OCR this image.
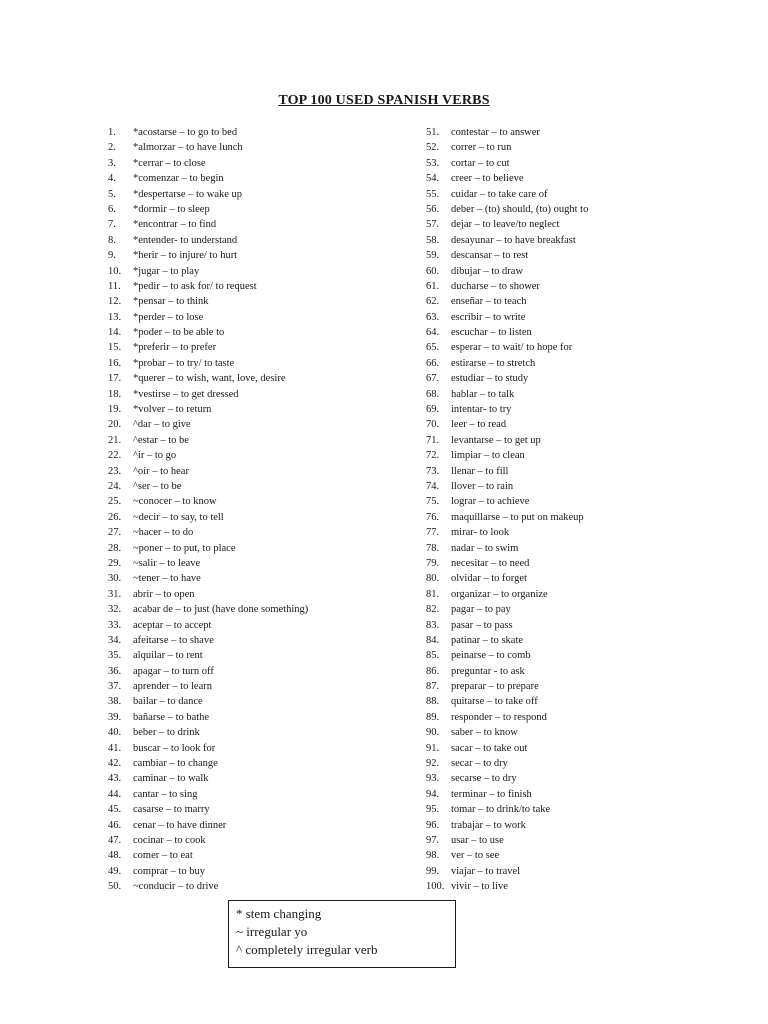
TOP 100 USED SPANISH VERBS
1.	*acostarse – to go to bed
2.	*almorzar – to have lunch
3.	*cerrar – to close
4.	*comenzar – to begin
5.	*despertarse – to wake up
6.	*dormir – to sleep
7.	*encontrar – to find
8.	*entender- to understand
9.	*herir – to injure/ to hurt
10.	*jugar – to play
11.	*pedir – to ask for/ to request
12.	*pensar – to think
13.	*perder – to lose
14.	*poder – to be able to
15.	*preferir – to prefer
16.	*probar – to try/ to taste
17.	*querer – to wish, want, love, desire
18.	*vestirse – to get dressed
19.	*volver – to return
20.	^dar – to give
21.	^estar – to be
22.	^ir – to go
23.	^oír – to hear
24.	^ser – to be
25.	~conocer – to know
26.	~decir – to say, to tell
27.	~hacer – to do
28.	~poner – to put, to place
29.	~salir – to leave
30.	~tener – to have
31.	abrir – to open
32.	acabar de – to just (have done something)
33.	aceptar – to accept
34.	afeitarse – to shave
35.	alquilar – to rent
36.	apagar – to turn off
37.	aprender – to learn
38.	bailar – to dance
39.	bañarse – to bathe
40.	beber – to drink
41.	buscar – to look for
42.	cambiar – to change
43.	caminar – to walk
44.	cantar – to sing
45.	casarse – to marry
46.	cenar – to have dinner
47.	cocinar – to cook
48.	comer – to eat
49.	comprar – to buy
50.	~conducir – to drive
51.	contestar – to answer
52.	correr – to run
53.	cortar – to cut
54.	creer – to believe
55.	cuidar – to take care of
56.	deber – (to) should, (to) ought to
57.	dejar – to leave/to neglect
58.	desayunar – to have breakfast
59.	descansar – to rest
60.	dibujar – to draw
61.	ducharse – to shower
62.	enseñar – to teach
63.	escribir – to write
64.	escuchar – to listen
65.	esperar – to wait/ to hope for
66.	estirarse – to stretch
67.	estudiar – to study
68.	hablar – to talk
69.	intentar- to try
70.	leer – to read
71.	levantarse – to get up
72.	limpiar – to clean
73.	llenar – to fill
74.	llover – to rain
75.	lograr – to achieve
76.	maquillarse – to put on makeup
77.	mirar- to look
78.	nadar – to swim
79.	necesitar – to need
80.	olvidar – to forget
81.	organizar – to organize
82.	pagar – to pay
83.	pasar – to pass
84.	patinar – to skate
85.	peinarse – to comb
86.	preguntar - to ask
87.	preparar – to prepare
88.	quitarse – to take off
89.	responder – to respond
90.	saber – to know
91.	sacar – to take out
92.	secar – to dry
93.	secarse – to dry
94.	terminar – to finish
95.	tomar – to drink/to take
96.	trabajar – to work
97.	usar – to use
98.	ver – to see
99.	viajar – to travel
100. vivir – to live
* stem changing
~ irregular yo
^ completely irregular verb
